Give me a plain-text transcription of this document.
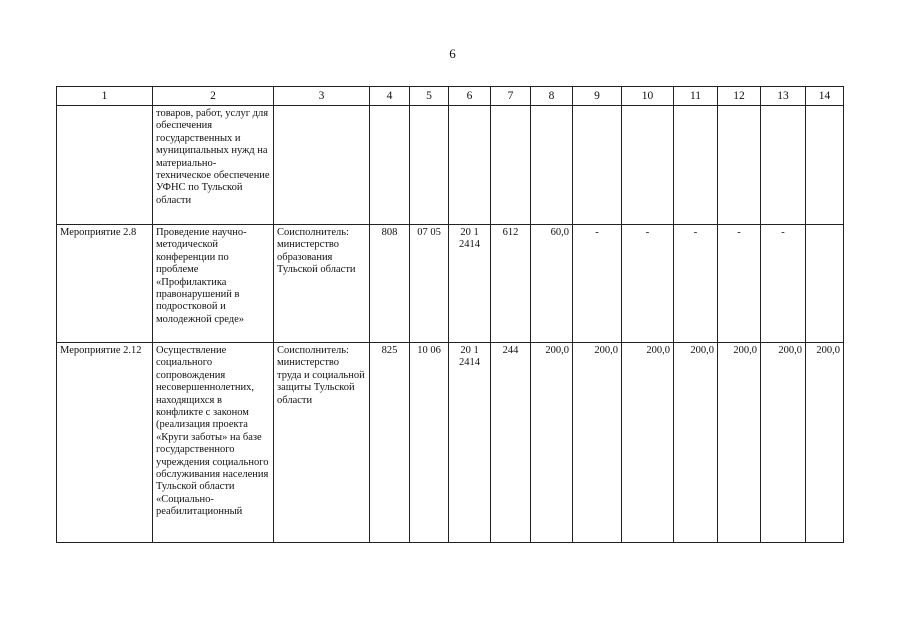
6
1	2	3	4	5	6	7	8	9	10	11	12	13	14
	товаров, работ, услуг для обеспечения государственных и муниципальных нужд на материально-техническое обеспечение УФНС по Тульской области												
Мероприятие 2.8	Проведение научно-методической конференции по проблеме «Профилактика правонарушений в подростковой и молодежной среде»	Соисполнитель: министерство образования Тульской области	808	07 05	20 1 2414	612	60,0	-	-	-	-	-	
Мероприятие 2.12	Осуществление социального сопровождения несовершеннолетних, находящихся в конфликте с законом (реализация проекта «Круги заботы» на базе государственного учреждения социального обслуживания населения Тульской области «Социально-реабилитационный	Соисполнитель: министерство труда и социальной защиты Тульской области	825	10 06	20 1 2414	244	200,0	200,0	200,0	200,0	200,0	200,0	200,0
